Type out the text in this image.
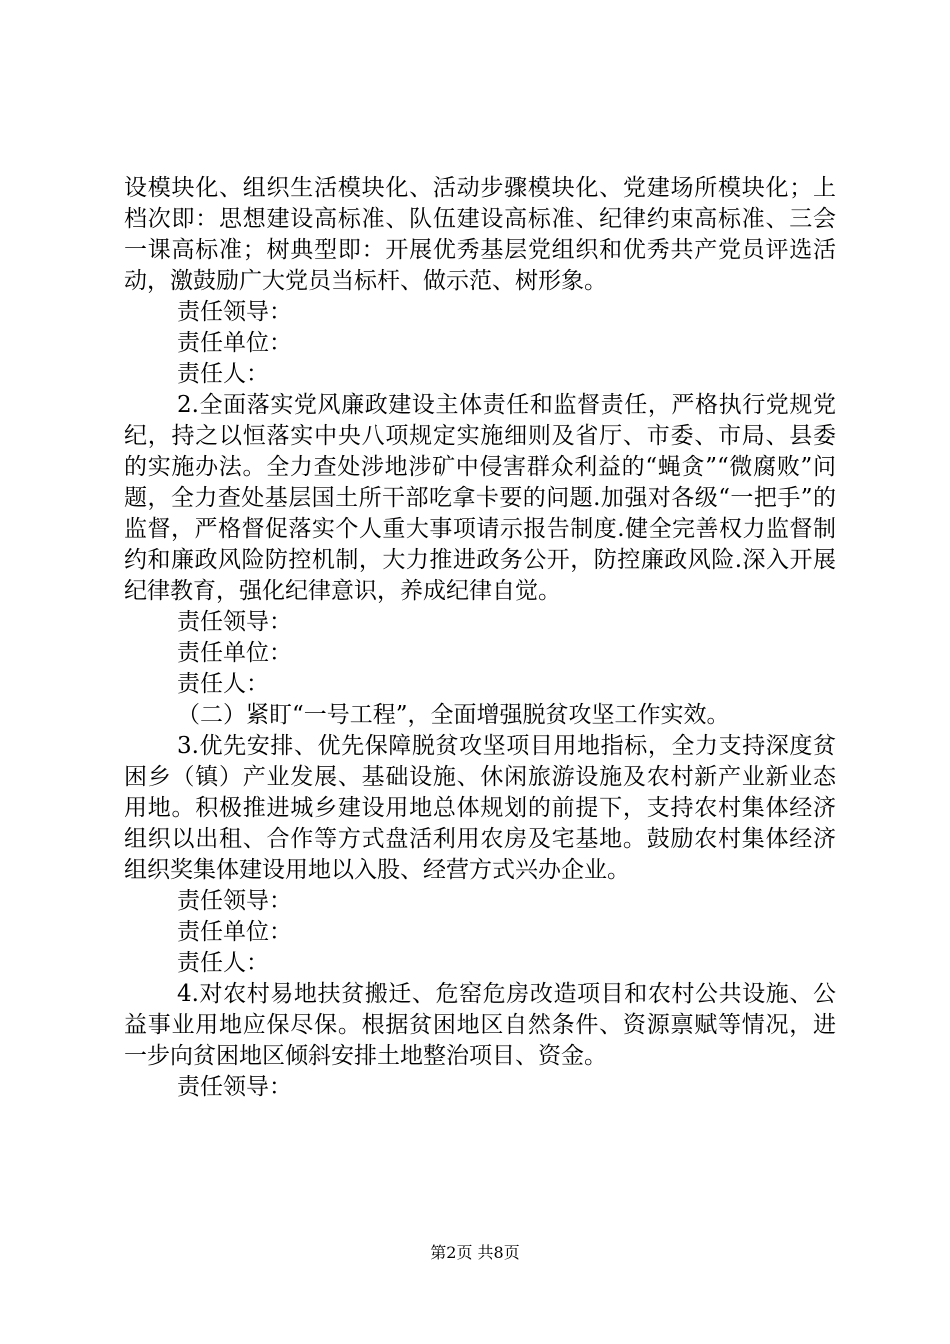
设模块化、组织生活模块化、活动步骤模块化、党建场所模块化；上档次即：思想建设高标准、队伍建设高标准、纪律约束高标准、三会一课高标准；树典型即：开展优秀基层党组织和优秀共产党员评选活动，激鼓励广大党员当标杆、做示范、树形象。

责任领导：

责任单位：

责任人：

2.全面落实党风廉政建设主体责任和监督责任，严格执行党规党纪，持之以恒落实中央八项规定实施细则及省厅、市委、市局、县委的实施办法。全力查处涉地涉矿中侵害群众利益的“蝇贪”“微腐败”问题，全力查处基层国土所干部吃拿卡要的问题.加强对各级“一把手”的监督，严格督促落实个人重大事项请示报告制度.健全完善权力监督制约和廉政风险防控机制，大力推进政务公开，防控廉政风险.深入开展纪律教育，强化纪律意识，养成纪律自觉。

责任领导：

责任单位：

责任人：

（二）紧盯“一号工程”，全面增强脱贫攻坚工作实效。

3.优先安排、优先保障脱贫攻坚项目用地指标，全力支持深度贫困乡（镇）产业发展、基础设施、休闲旅游设施及农村新产业新业态用地。积极推进城乡建设用地总体规划的前提下，支持农村集体经济组织以出租、合作等方式盘活利用农房及宅基地。鼓励农村集体经济组织奖集体建设用地以入股、经营方式兴办企业。

责任领导：

责任单位：

责任人：

4.对农村易地扶贫搬迁、危窑危房改造项目和农村公共设施、公益事业用地应保尽保。根据贫困地区自然条件、资源禀赋等情况，进一步向贫困地区倾斜安排土地整治项目、资金。

责任领导：

第2页 共8页
